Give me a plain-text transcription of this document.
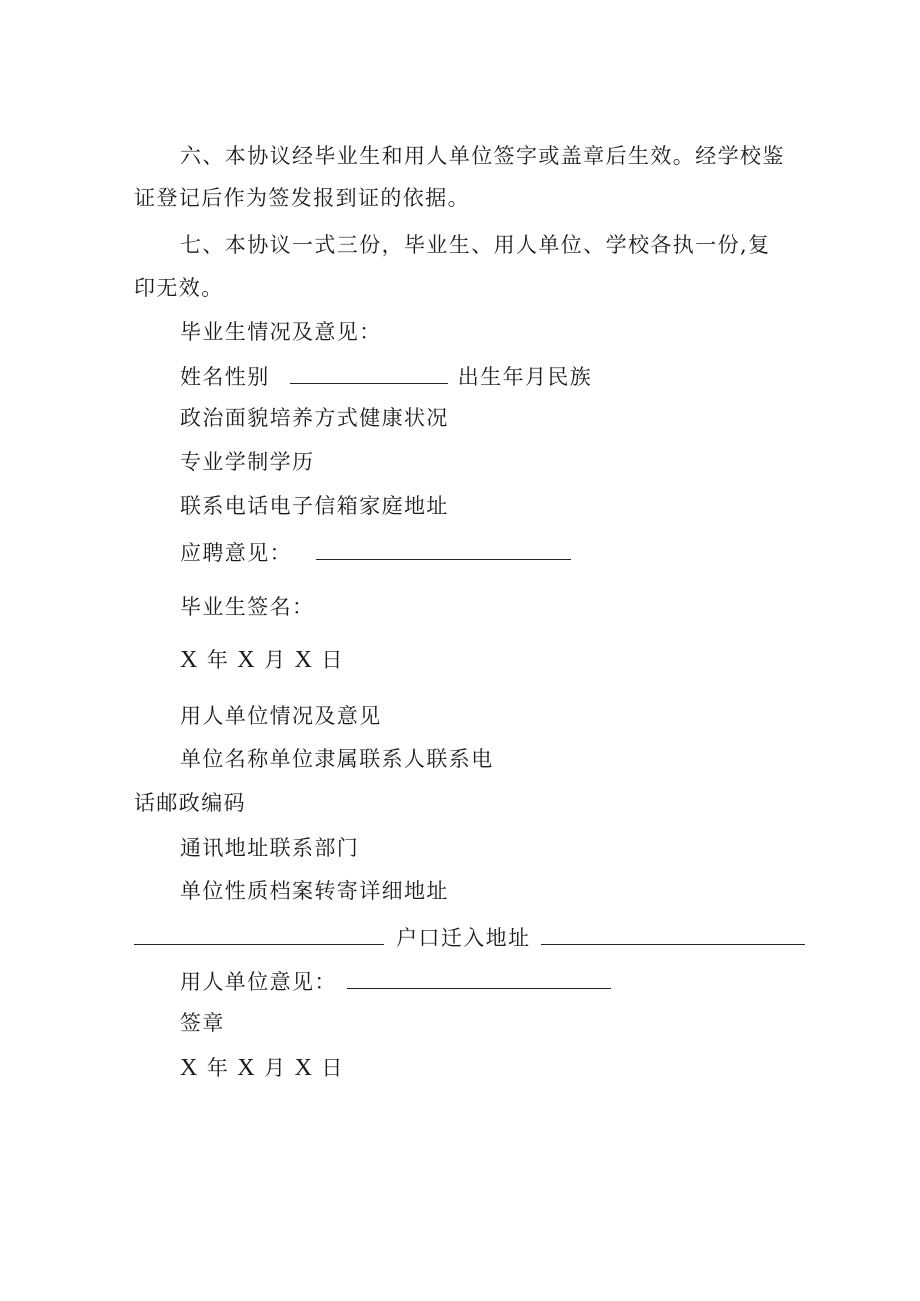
六、本协议经毕业生和用人单位签字或盖章后生效。经学校鉴
证登记后作为签发报到证的依据。
七、本协议一式三份，毕业生、用人单位、学校各执一份,复
印无效。
毕业生情况及意见：
姓名性别	出生年月民族
政治面貌培养方式健康状况
专业学制学历
联系电话电子信箱家庭地址
应聘意见：
毕业生签名：
X 年 X 月 X 日
用人单位情况及意见
单位名称单位隶属联系人联系电
话邮政编码
通讯地址联系部门
单位性质档案转寄详细地址
户口迁入地址
用人单位意见：
签章
X 年 X 月 X 日
